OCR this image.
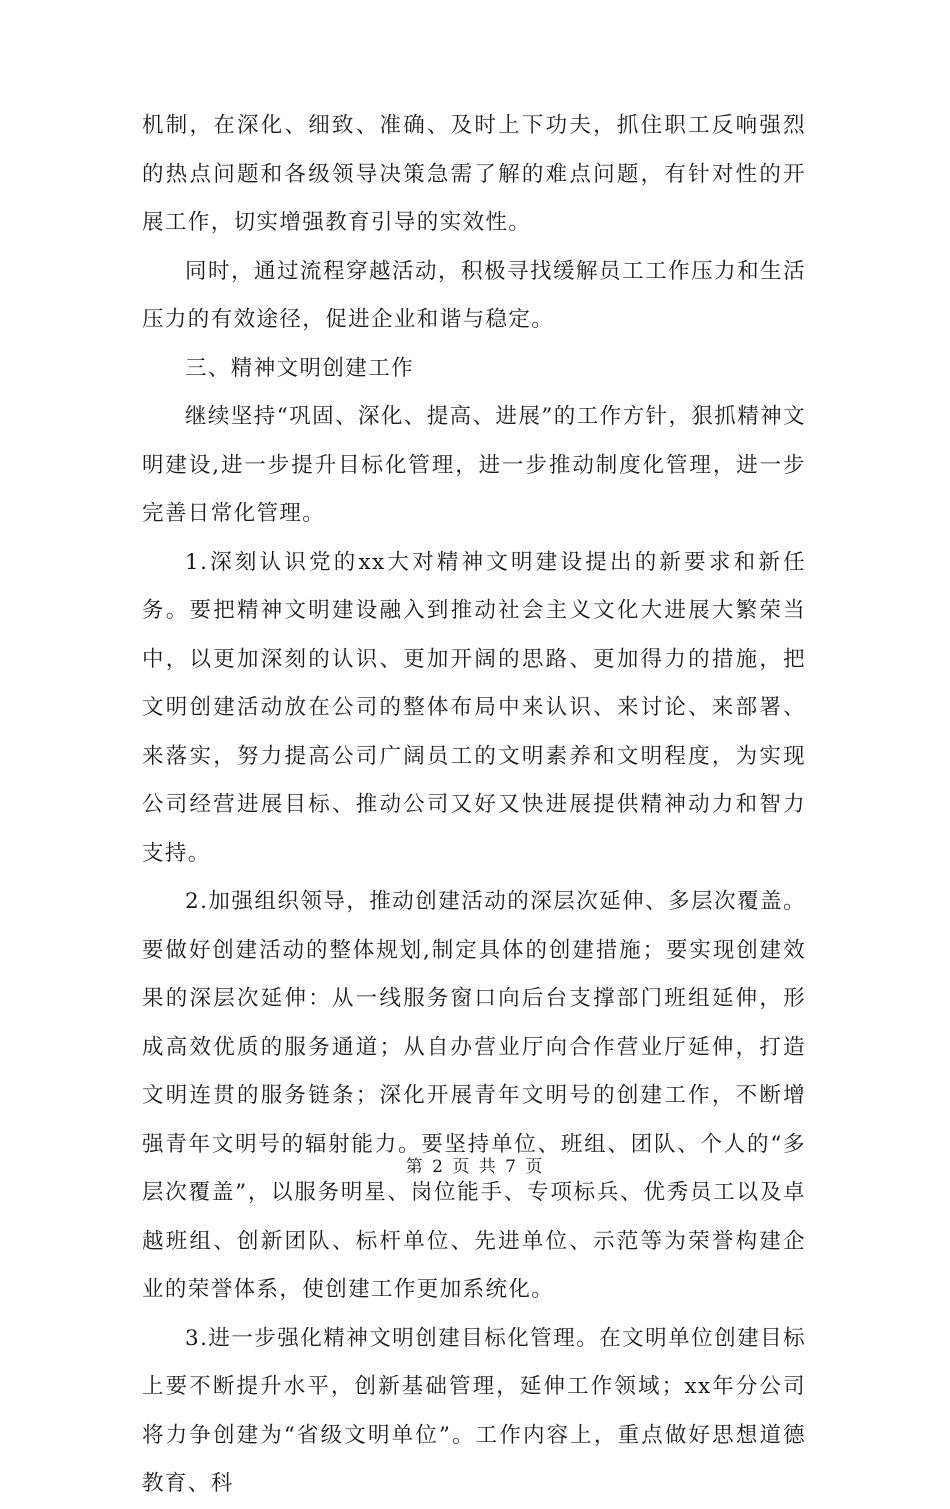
机制，在深化、细致、准确、及时上下功夫，抓住职工反响强烈的热点问题和各级领导决策急需了解的难点问题，有针对性的开展工作，切实增强教育引导的实效性。

同时，通过流程穿越活动，积极寻找缓解员工工作压力和生活压力的有效途径，促进企业和谐与稳定。

三、精神文明创建工作

继续坚持“巩固、深化、提高、进展”的工作方针，狠抓精神文明建设,进一步提升目标化管理，进一步推动制度化管理，进一步完善日常化管理。

1.深刻认识党的xx大对精神文明建设提出的新要求和新任务。要把精神文明建设融入到推动社会主义文化大进展大繁荣当中，以更加深刻的认识、更加开阔的思路、更加得力的措施，把文明创建活动放在公司的整体布局中来认识、来讨论、来部署、来落实，努力提高公司广阔员工的文明素养和文明程度，为实现公司经营进展目标、推动公司又好又快进展提供精神动力和智力支持。

2.加强组织领导，推动创建活动的深层次延伸、多层次覆盖。要做好创建活动的整体规划,制定具体的创建措施；要实现创建效果的深层次延伸：从一线服务窗口向后台支撑部门班组延伸，形成高效优质的服务通道；从自办营业厅向合作营业厅延伸，打造文明连贯的服务链条；深化开展青年文明号的创建工作，不断增强青年文明号的辐射能力。要坚持单位、班组、团队、个人的“多层次覆盖”，以服务明星、岗位能手、专项标兵、优秀员工以及卓越班组、创新团队、标杆单位、先进单位、示范等为荣誉构建企业的荣誉体系，使创建工作更加系统化。

3.进一步强化精神文明创建目标化管理。在文明单位创建目标上要不断提升水平，创新基础管理，延伸工作领域；xx年分公司将力争创建为“省级文明单位”。工作内容上，重点做好思想道德教育、科

第 2 页 共 7 页
